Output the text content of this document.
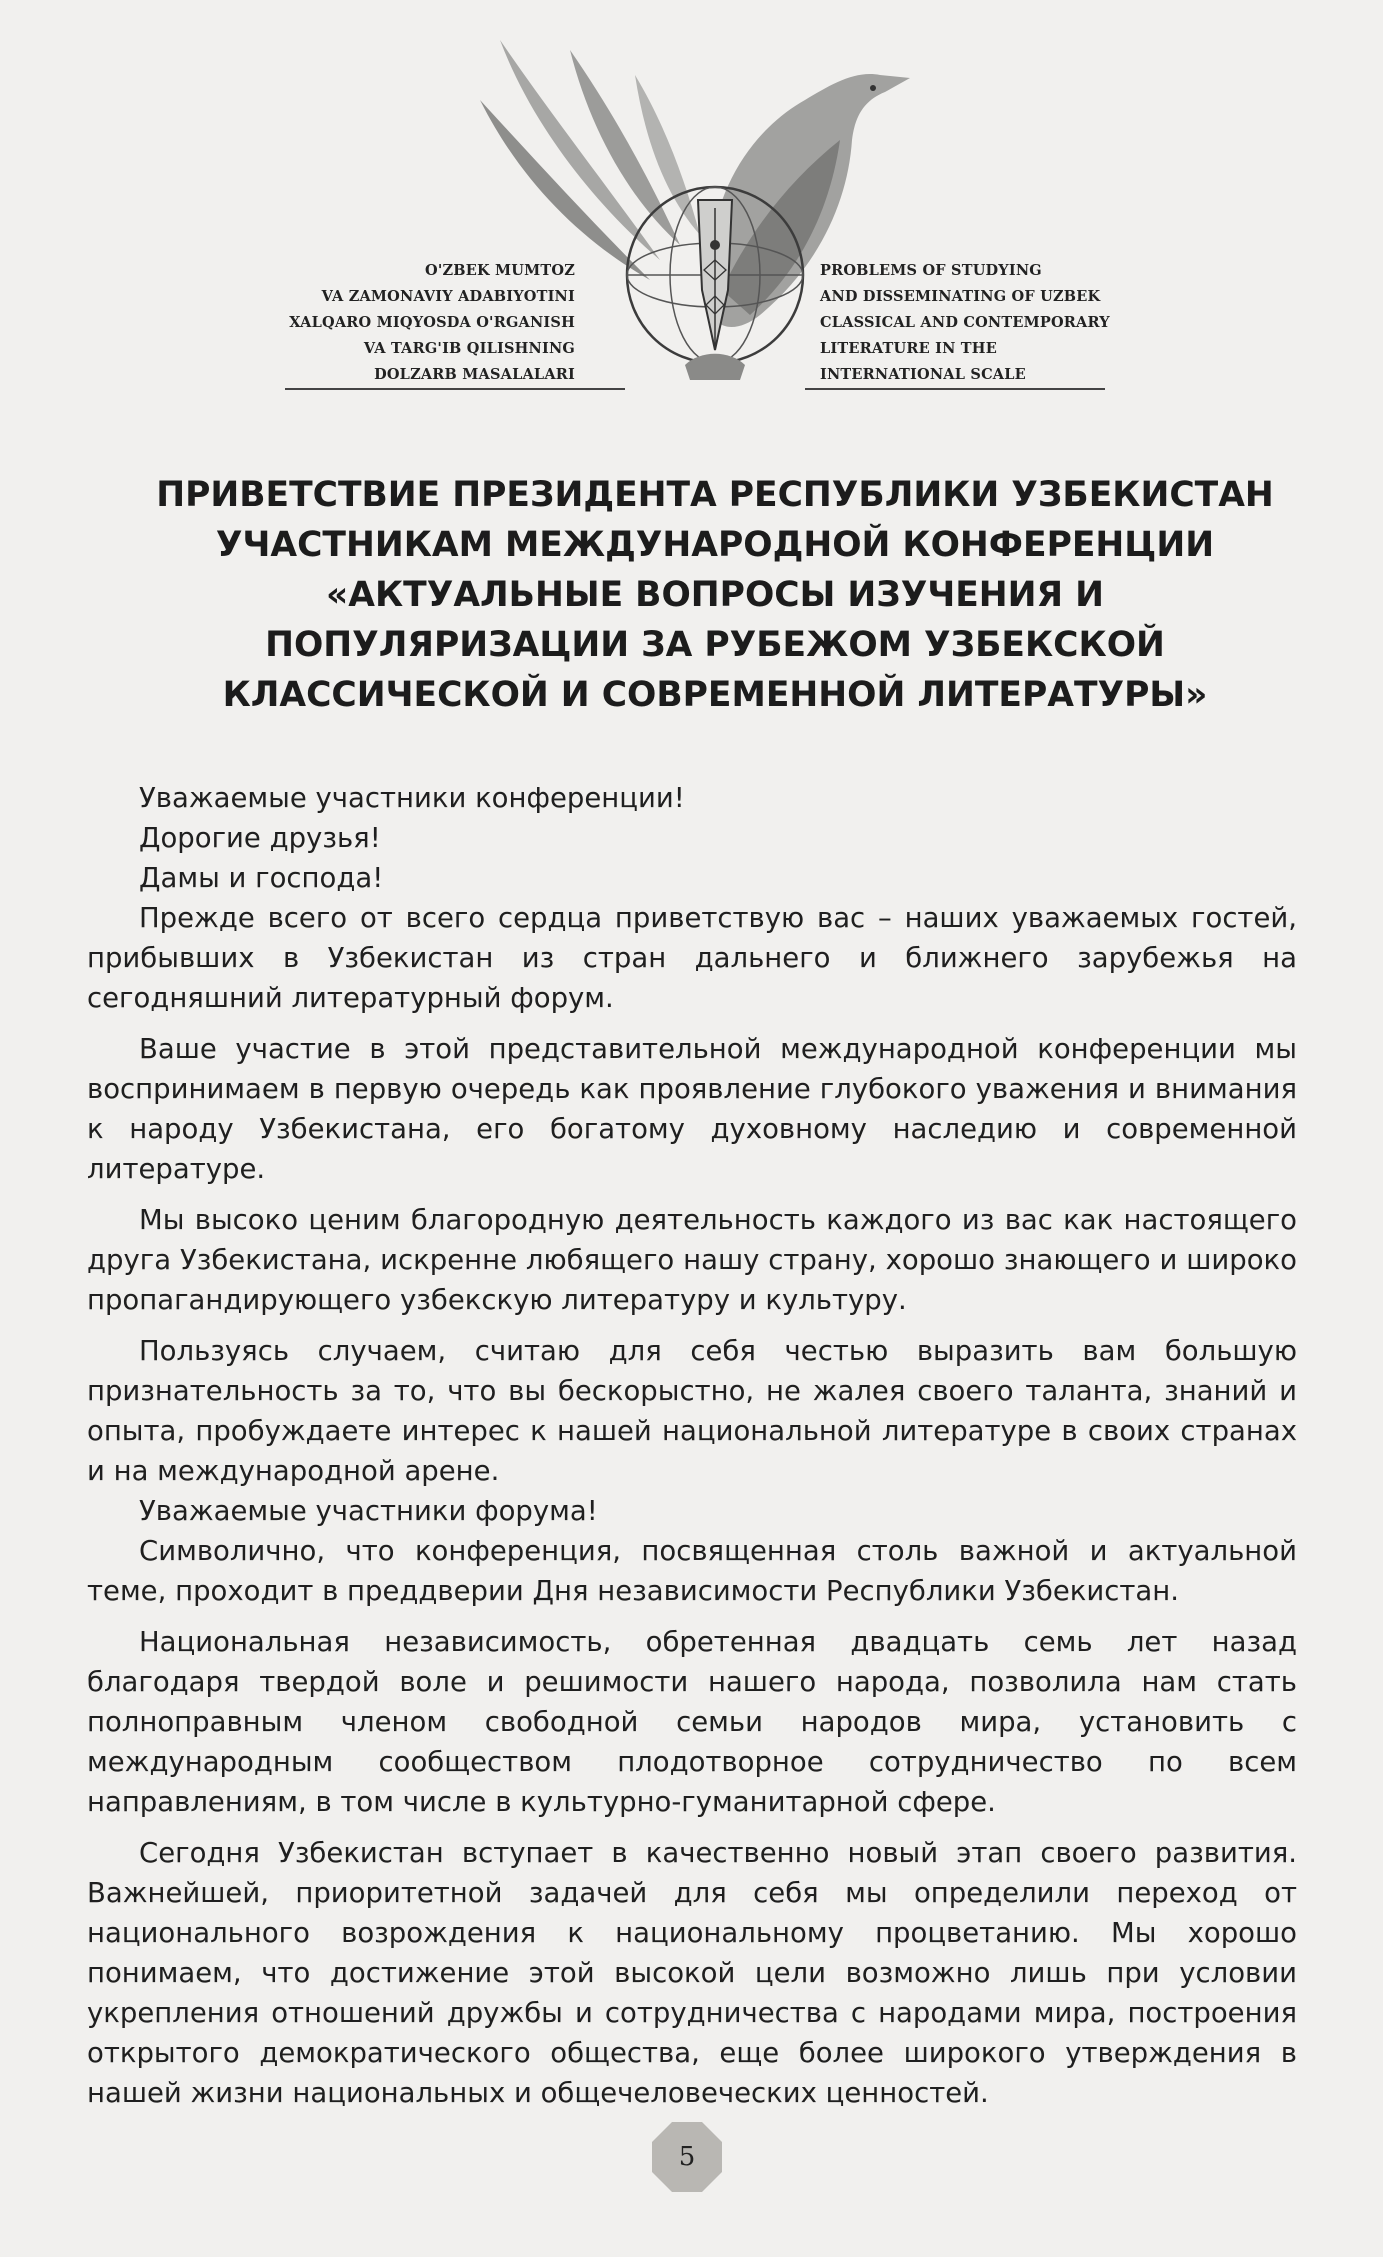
O'ZBEK MUMTOZ
VA ZAMONAVIY ADABIYOTINI
XALQARO MIQYOSDA O'RGANISH
VA TARG'IB QILISHNING
DOLZARB MASALALARI
PROBLEMS OF STUDYING
AND DISSEMINATING OF UZBEK
CLASSICAL AND CONTEMPORARY
LITERATURE IN THE
INTERNATIONAL SCALE
ПРИВЕТСТВИЕ ПРЕЗИДЕНТА РЕСПУБЛИКИ УЗБЕКИСТАН
УЧАСТНИКАМ МЕЖДУНАРОДНОЙ КОНФЕРЕНЦИИ
«АКТУАЛЬНЫЕ ВОПРОСЫ ИЗУЧЕНИЯ И
ПОПУЛЯРИЗАЦИИ ЗА РУБЕЖОМ УЗБЕКСКОЙ
КЛАССИЧЕСКОЙ И СОВРЕМЕННОЙ ЛИТЕРАТУРЫ»
Уважаемые участники конференции!
Дорогие друзья!
Дамы и господа!

Прежде всего от всего сердца приветствую вас – наших уважаемых гостей, прибывших в Узбекистан из стран дальнего и ближнего зарубежья на сегодняшний литературный форум.

Ваше участие в этой представительной международной конференции мы воспринимаем в первую очередь как проявление глубокого уважения и внимания к народу Узбекистана, его богатому духовному наследию и современной литературе.

Мы высоко ценим благородную деятельность каждого из вас как настоящего друга Узбекистана, искренне любящего нашу страну, хорошо знающего и широко пропагандирующего узбекскую литературу и культуру.

Пользуясь случаем, считаю для себя честью выразить вам большую признательность за то, что вы бескорыстно, не жалея своего таланта, знаний и опыта, пробуждаете интерес к нашей национальной литературе в своих странах и на международной арене.

Уважаемые участники форума!

Символично, что конференция, посвященная столь важной и актуальной теме, проходит в преддверии Дня независимости Республики Узбекистан.

Национальная независимость, обретенная двадцать семь лет назад благодаря твердой воле и решимости нашего народа, позволила нам стать полноправным членом свободной семьи народов мира, установить с международным сообществом плодотворное сотрудничество по всем направлениям, в том числе в культурно-гуманитарной сфере.

Сегодня Узбекистан вступает в качественно новый этап своего развития. Важнейшей, приоритетной задачей для себя мы определили переход от национального возрождения к национальному процветанию. Мы хорошо понимаем, что достижение этой высокой цели возможно лишь при условии укрепления отношений дружбы и сотрудничества с народами мира, построения открытого демократического общества, еще более широкого утверждения в нашей жизни национальных и общечеловеческих ценностей.

5
